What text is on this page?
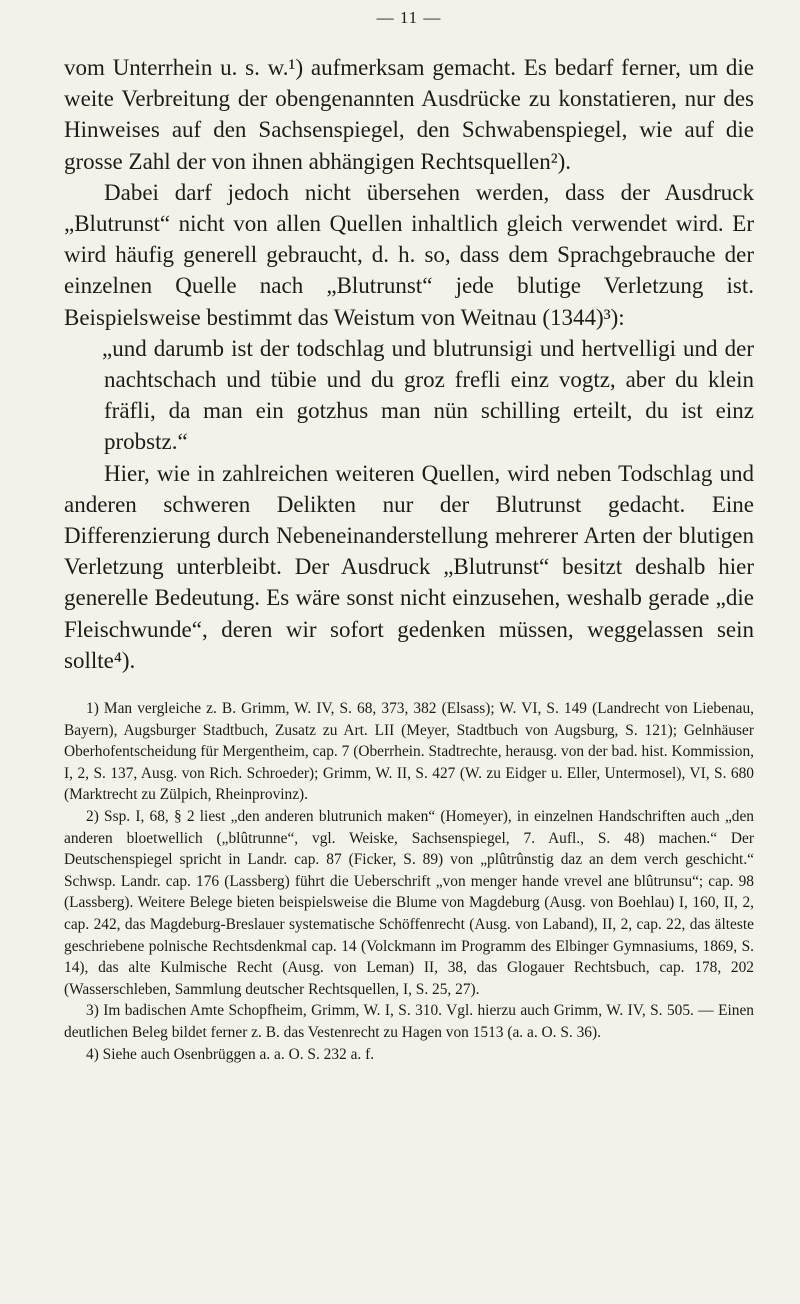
— 11 —

vom Unterrhein u. s. w.¹) aufmerksam gemacht. Es bedarf ferner, um die weite Verbreitung der obengenannten Ausdrücke zu konstatieren, nur des Hinweises auf den Sachsenspiegel, den Schwabenspiegel, wie auf die grosse Zahl der von ihnen abhängigen Rechtsquellen²).

Dabei darf jedoch nicht übersehen werden, dass der Ausdruck „Blutrunst“ nicht von allen Quellen inhaltlich gleich verwendet wird. Er wird häufig generell gebraucht, d. h. so, dass dem Sprachgebrauche der einzelnen Quelle nach „Blutrunst“ jede blutige Verletzung ist. Beispielsweise bestimmt das Weistum von Weitnau (1344)³):

„und darumb ist der todschlag und blutrunsigi und hertvelligi und der nachtschach und tübie und du groz frefli einz vogtz, aber du klein fräfli, da man ein gotzhus man nün schilling erteilt, du ist einz probstz.“

Hier, wie in zahlreichen weiteren Quellen, wird neben Todschlag und anderen schweren Delikten nur der Blutrunst gedacht. Eine Differenzierung durch Nebeneinanderstellung mehrerer Arten der blutigen Verletzung unterbleibt. Der Ausdruck „Blutrunst“ besitzt deshalb hier generelle Bedeutung. Es wäre sonst nicht einzusehen, weshalb gerade „die Fleischwunde“, deren wir sofort gedenken müssen, weggelassen sein sollte⁴).

1) Man vergleiche z. B. Grimm, W. IV, S. 68, 373, 382 (Elsass); W. VI, S. 149 (Landrecht von Liebenau, Bayern), Augsburger Stadtbuch, Zusatz zu Art. LII (Meyer, Stadtbuch von Augsburg, S. 121); Gelnhäuser Oberhofentscheidung für Mergentheim, cap. 7 (Oberrhein. Stadtrechte, herausg. von der bad. hist. Kommission, I, 2, S. 137, Ausg. von Rich. Schroeder); Grimm, W. II, S. 427 (W. zu Eidger u. Eller, Untermosel), VI, S. 680 (Marktrecht zu Zülpich, Rheinprovinz).

2) Ssp. I, 68, § 2 liest „den anderen blutrunich maken“ (Homeyer), in einzelnen Handschriften auch „den anderen bloetwellich („blûtrunne“, vgl. Weiske, Sachsenspiegel, 7. Aufl., S. 48) machen.“ Der Deutschenspiegel spricht in Landr. cap. 87 (Ficker, S. 89) von „plûtrûnstig daz an dem verch geschicht.“ Schwsp. Landr. cap. 176 (Lassberg) führt die Ueberschrift „von menger hande vrevel ane blûtrunsu“; cap. 98 (Lassberg). Weitere Belege bieten beispielsweise die Blume von Magdeburg (Ausg. von Boehlau) I, 160, II, 2, cap. 242, das Magdeburg-Breslauer systematische Schöffenrecht (Ausg. von Laband), II, 2, cap. 22, das älteste geschriebene polnische Rechtsdenkmal cap. 14 (Volckmann im Programm des Elbinger Gymnasiums, 1869, S. 14), das alte Kulmische Recht (Ausg. von Leman) II, 38, das Glogauer Rechtsbuch, cap. 178, 202 (Wasserschleben, Sammlung deutscher Rechtsquellen, I, S. 25, 27).

3) Im badischen Amte Schopfheim, Grimm, W. I, S. 310. Vgl. hierzu auch Grimm, W. IV, S. 505. — Einen deutlichen Beleg bildet ferner z. B. das Vestenrecht zu Hagen von 1513 (a. a. O. S. 36).

4) Siehe auch Osenbrüggen a. a. O. S. 232 a. f.
